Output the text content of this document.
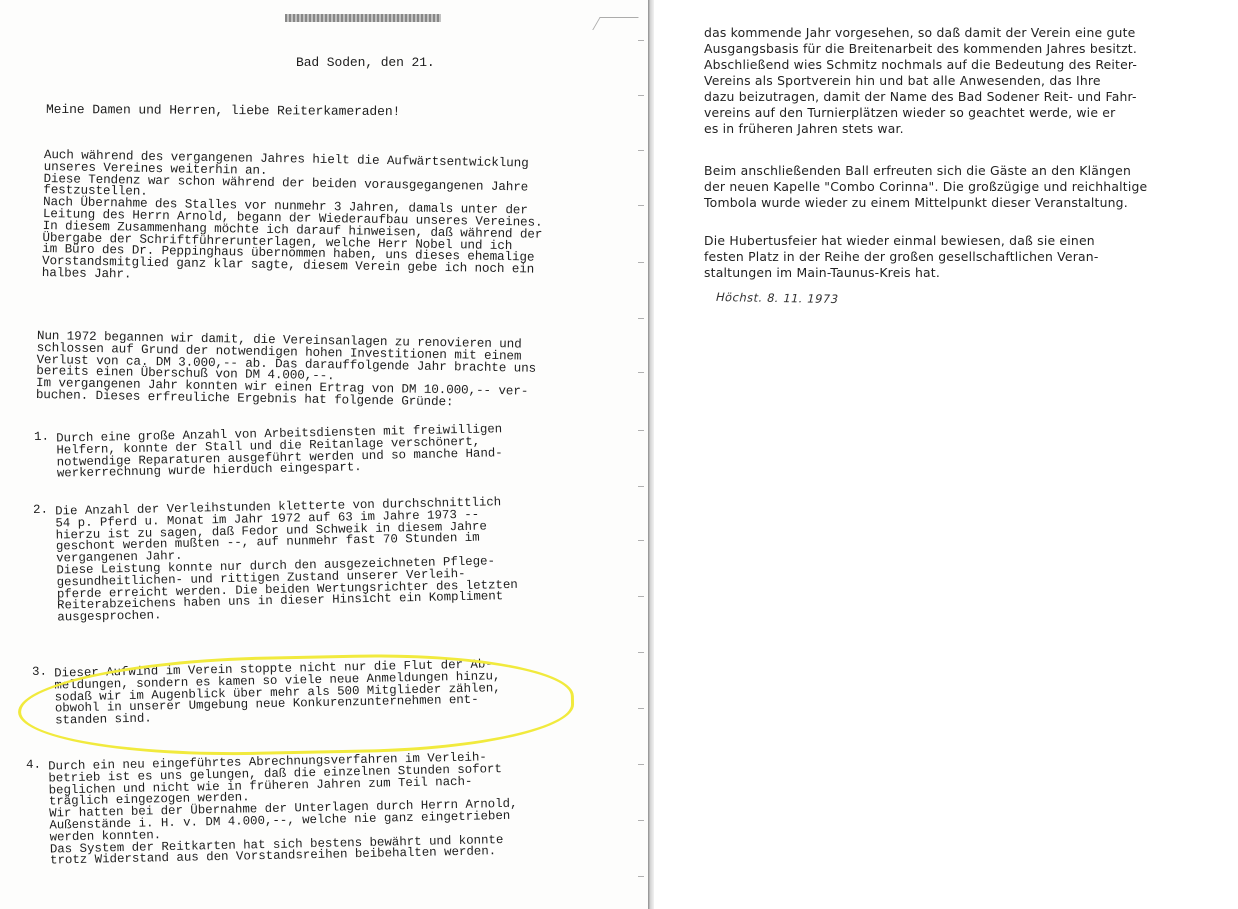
Bad Soden, den 21.

Meine Damen und Herren, liebe Reiterkameraden!

Auch während des vergangenen Jahres hielt die Aufwärtsentwicklung
unseres Vereines weiterhin an.
Diese Tendenz war schon während der beiden vorausgegangenen Jahre
festzustellen.
Nach Übernahme des Stalles vor nunmehr 3 Jahren, damals unter der
Leitung des Herrn Arnold, begann der Wiederaufbau unseres Vereines.
In diesem Zusammenhang möchte ich darauf hinweisen, daß während der
Übergabe der Schriftführerunterlagen, welche Herr Nobel und ich
im Büro des Dr. Peppinghaus übernommen haben, uns dieses ehemalige
Vorstandsmitglied ganz klar sagte, diesem Verein gebe ich noch ein
halbes Jahr.

Nun 1972 begannen wir damit, die Vereinsanlagen zu renovieren und
schlossen auf Grund der notwendigen hohen Investitionen mit einem
Verlust von ca. DM 3.000,-- ab. Das darauffolgende Jahr brachte uns
bereits einen Überschuß von DM 4.000,--.
Im vergangenen Jahr konnten wir einen Ertrag von DM 10.000,-- ver-
buchen. Dieses erfreuliche Ergebnis hat folgende Gründe:

1. Durch eine große Anzahl von Arbeitsdiensten mit freiwilligen
Helfern, konnte der Stall und die Reitanlage verschönert,
notwendige Reparaturen ausgeführt werden und so manche Hand-
werkerrechnung wurde hierduch eingespart.

2. Die Anzahl der Verleihstunden kletterte von durchschnittlich
54 p. Pferd u. Monat im Jahr 1972 auf 63 im Jahre 1973 --
hierzu ist zu sagen, daß Fedor und Schweik in diesem Jahre
geschont werden mußten --, auf nunmehr fast 70 Stunden im
vergangenen Jahr.
Diese Leistung konnte nur durch den ausgezeichneten Pflege-
gesundheitlichen- und rittigen Zustand unserer Verleih-
pferde erreicht werden. Die beiden Wertungsrichter des letzten
Reiterabzeichens haben uns in dieser Hinsicht ein Kompliment
ausgesprochen.

3. Dieser Aufwind im Verein stoppte nicht nur die Flut der Ab-
meldungen, sondern es kamen so viele neue Anmeldungen hinzu,
sodaß wir im Augenblick über mehr als 500 Mitglieder zählen,
obwohl in unserer Umgebung neue Konkurenzunternehmen ent-
standen sind.

4. Durch ein neu eingeführtes Abrechnungsverfahren im Verleih-
betrieb ist es uns gelungen, daß die einzelnen Stunden sofort
beglichen und nicht wie in früheren Jahren zum Teil nach-
träglich eingezogen werden.
Wir hatten bei der Übernahme der Unterlagen durch Herrn Arnold,
Außenstände i. H. v. DM 4.000,--, welche nie ganz eingetrieben
werden konnten.
Das System der Reitkarten hat sich bestens bewährt und konnte
trotz Widerstand aus den Vorstandsreihen beibehalten werden.

das kommende Jahr vorgesehen, so daß damit der Verein eine gute
Ausgangsbasis für die Breitenarbeit des kommenden Jahres besitzt.
Abschließend wies Schmitz nochmals auf die Bedeutung des Reiter-
Vereins als Sportverein hin und bat alle Anwesenden, das Ihre
dazu beizutragen, damit der Name des Bad Sodener Reit- und Fahr-
vereins auf den Turnierplätzen wieder so geachtet werde, wie er
es in früheren Jahren stets war.

Beim anschließenden Ball erfreuten sich die Gäste an den Klängen
der neuen Kapelle "Combo Corinna". Die großzügige und reichhaltige
Tombola wurde wieder zu einem Mittelpunkt dieser Veranstaltung.

Die Hubertusfeier hat wieder einmal bewiesen, daß sie einen
festen Platz in der Reihe der großen gesellschaftlichen Veran-
staltungen im Main-Taunus-Kreis hat.

Höchst. 8. 11. 1973
